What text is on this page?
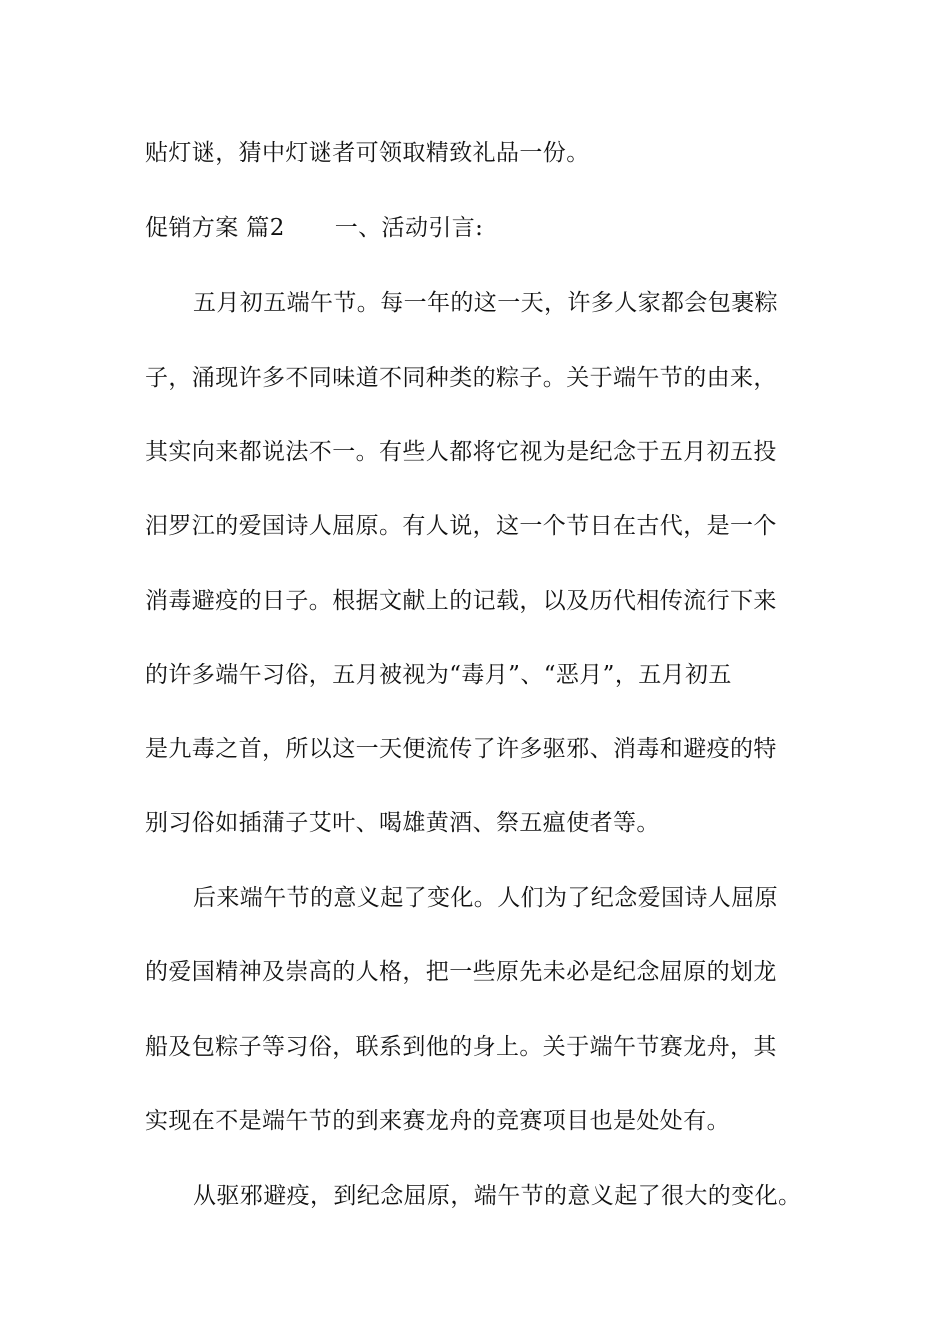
贴灯谜，猜中灯谜者可领取精致礼品一份。
促销方案 篇2 一、活动引言:
五月初五端午节。每一年的这一天，许多人家都会包裹粽
子，涌现许多不同味道不同种类的粽子。关于端午节的由来，
其实向来都说法不一。有些人都将它视为是纪念于五月初五投
汨罗江的爱国诗人屈原。有人说，这一个节日在古代，是一个
消毒避疫的日子。根据文献上的记载，以及历代相传流行下来
的许多端午习俗，五月被视为“毒月”、“恶月”，五月初五
是九毒之首，所以这一天便流传了许多驱邪、消毒和避疫的特
别习俗如插蒲子艾叶、喝雄黄酒、祭五瘟使者等。
后来端午节的意义起了变化。人们为了纪念爱国诗人屈原
的爱国精神及崇高的人格，把一些原先未必是纪念屈原的划龙
船及包粽子等习俗，联系到他的身上。关于端午节赛龙舟，其
实现在不是端午节的到来赛龙舟的竞赛项目也是处处有。
从驱邪避疫，到纪念屈原，端午节的意义起了很大的变化。
